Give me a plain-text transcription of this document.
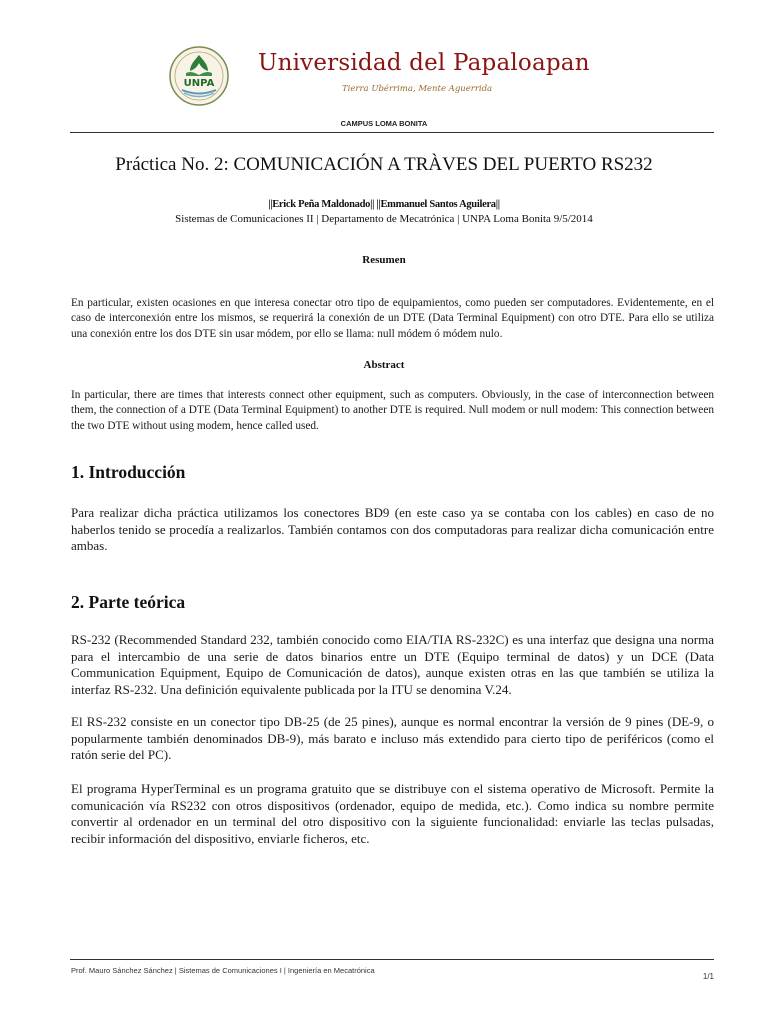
UNPA
Universidad del Papaloapan
Tierra Ubérrima, Mente Aguerrida
CAMPUS LOMA BONITA
Práctica No. 2: COMUNICACIÓN A TRÀVES DEL PUERTO RS232
||Erick Peña Maldonado|| ||Emmanuel Santos Aguilera||
Sistemas de Comunicaciones II | Departamento de Mecatrónica | UNPA Loma Bonita 9/5/2014
Resumen
En particular, existen ocasiones en que interesa conectar otro tipo de equipamientos, como pueden ser computadores. Evidentemente, en el caso de interconexión entre los mismos, se requerirá la conexión de un DTE (Data Terminal Equipment) con otro DTE. Para ello se utiliza una conexión entre los dos DTE sin usar módem, por ello se llama: null módem ó módem nulo.
Abstract
In particular, there are times that interests connect other equipment, such as computers. Obviously, in the case of interconnection between them, the connection of a DTE (Data Terminal Equipment) to another DTE is required. Null modem or null modem: This connection between the two DTE without using modem, hence called used.
1. Introducción
Para realizar dicha práctica utilizamos los conectores BD9 (en este caso ya se contaba con los cables) en caso de no haberlos tenido se procedía a realizarlos. También contamos con dos computadoras para realizar dicha comunicación entre ambas.
2. Parte teórica
RS-232 (Recommended Standard 232, también conocido como EIA/TIA RS-232C) es una interfaz que designa una norma para el intercambio de una serie de datos binarios entre un DTE (Equipo terminal de datos) y un DCE (Data Communication Equipment, Equipo de Comunicación de datos), aunque existen otras en las que también se utiliza la interfaz RS-232. Una definición equivalente publicada por la ITU se denomina V.24.
El RS-232 consiste en un conector tipo DB-25 (de 25 pines), aunque es normal encontrar la versión de 9 pines (DE-9, o popularmente también denominados DB-9), más barato e incluso más extendido para cierto tipo de periféricos (como el ratón serie del PC).
El programa HyperTerminal es un programa gratuito que se distribuye con el sistema operativo de Microsoft. Permite la comunicación vía RS232 con otros dispositivos (ordenador, equipo de medida, etc.). Como indica su nombre permite convertir al ordenador en un terminal del otro dispositivo con la siguiente funcionalidad: enviarle las teclas pulsadas, recibir información del dispositivo, enviarle ficheros, etc.
Prof. Mauro Sánchez Sánchez | Sistemas de Comunicaciones I | Ingeniería en Mecatrónica
1/1
